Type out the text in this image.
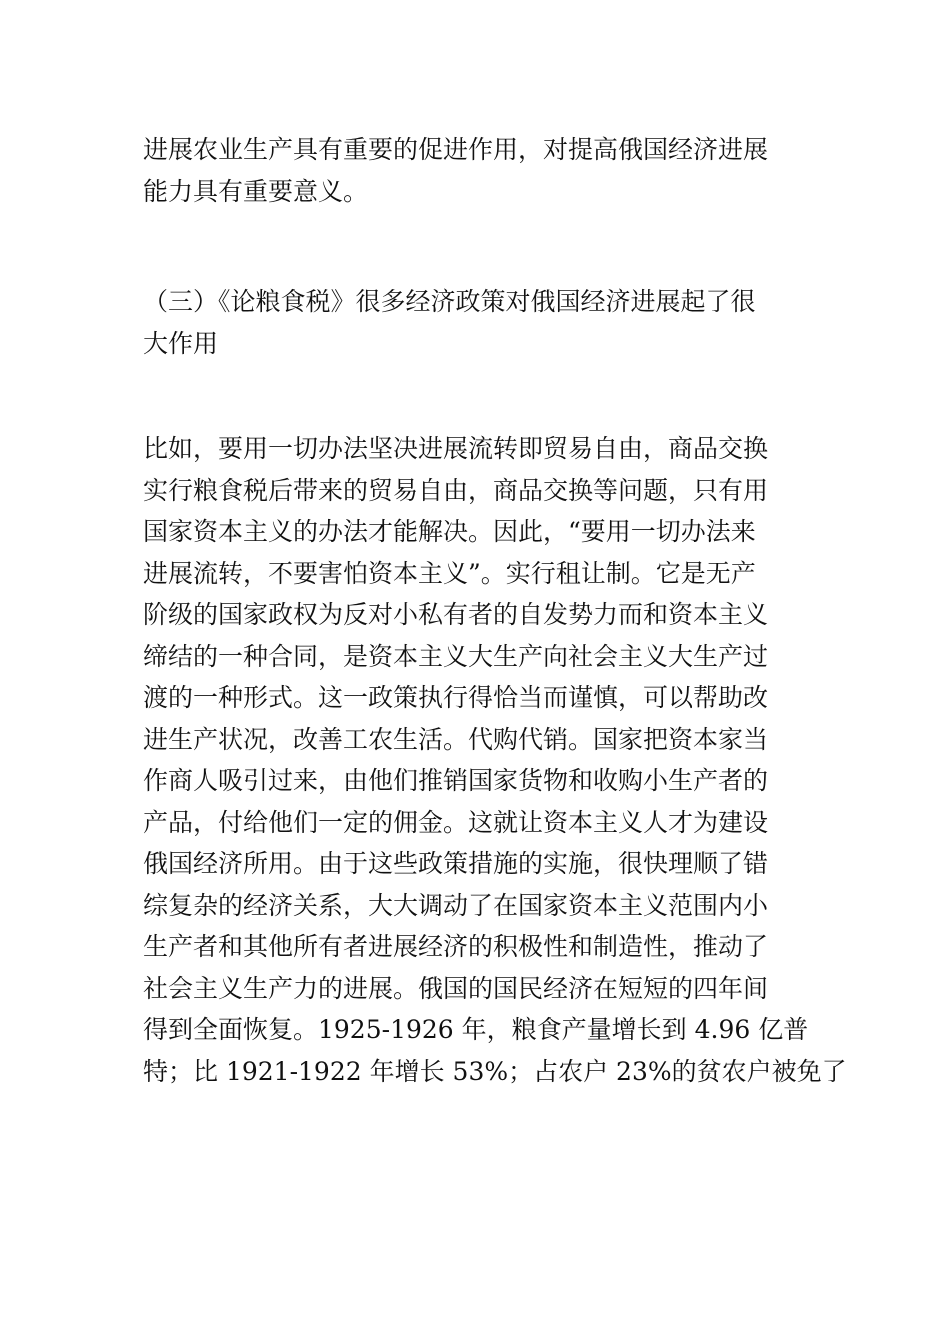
进展农业生产具有重要的促进作用，对提高俄国经济进展
能力具有重要意义。
（三）《论粮食税》很多经济政策对俄国经济进展起了很
大作用
比如，要用一切办法坚决进展流转即贸易自由，商品交换
实行粮食税后带来的贸易自由，商品交换等问题，只有用
国家资本主义的办法才能解决。因此，“要用一切办法来
进展流转，不要害怕资本主义”。实行租让制。它是无产
阶级的国家政权为反对小私有者的自发势力而和资本主义
缔结的一种合同，是资本主义大生产向社会主义大生产过
渡的一种形式。这一政策执行得恰当而谨慎，可以帮助改
进生产状况，改善工农生活。代购代销。国家把资本家当
作商人吸引过来，由他们推销国家货物和收购小生产者的
产品，付给他们一定的佣金。这就让资本主义人才为建设
俄国经济所用。由于这些政策措施的实施，很快理顺了错
综复杂的经济关系，大大调动了在国家资本主义范围内小
生产者和其他所有者进展经济的积极性和制造性，推动了
社会主义生产力的进展。俄国的国民经济在短短的四年间
得到全面恢复。1925-1926 年，粮食产量增长到 4.96 亿普
特；比 1921-1922 年增长 53%；占农户 23%的贫农户被免了
